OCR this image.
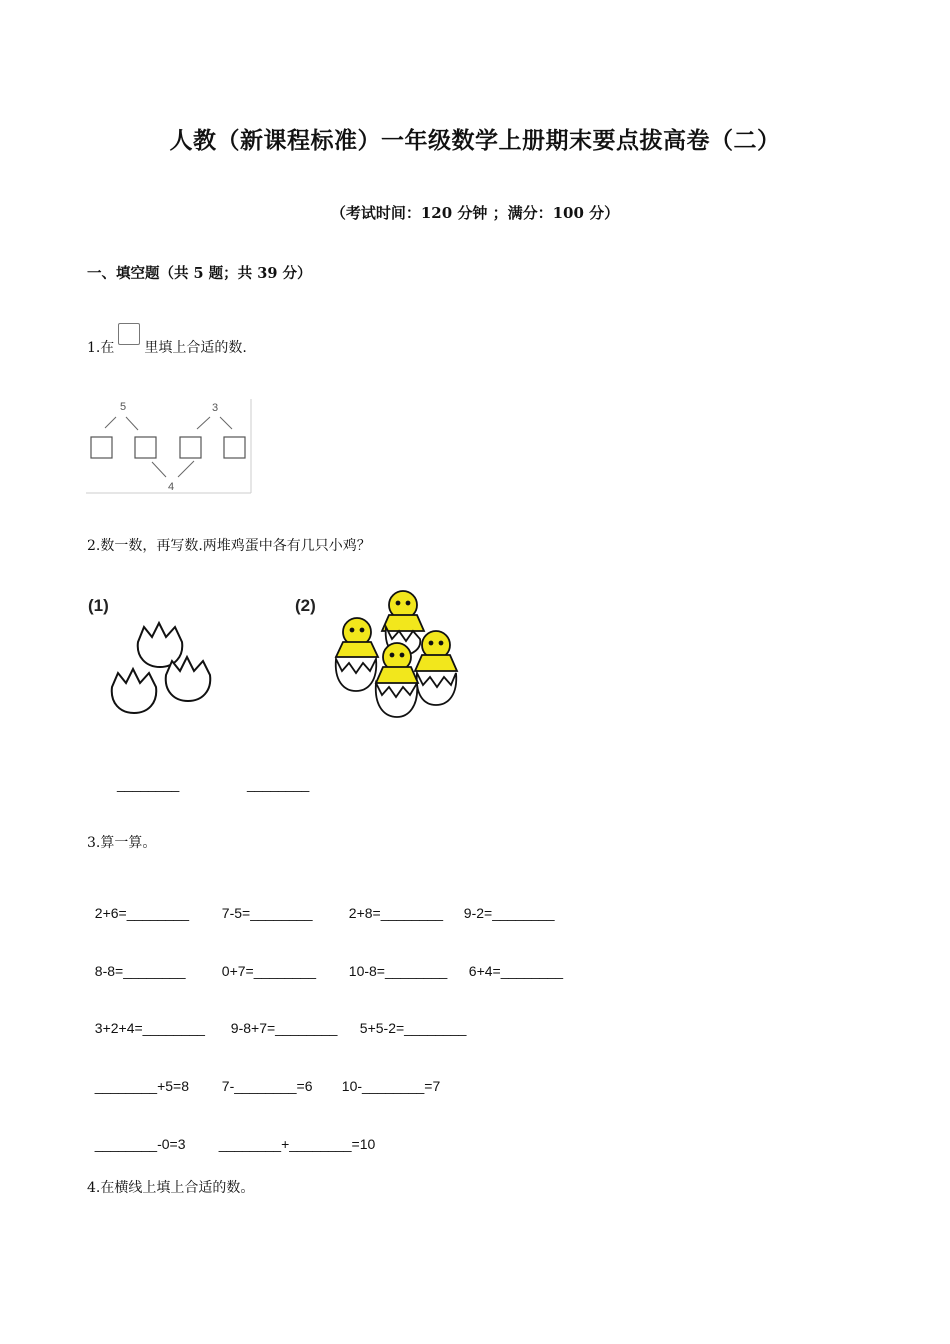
人教（新课程标准）一年级数学上册期末要点拔高卷（二）
（考试时间：120 分钟 ；满分：100 分）
一、填空题（共 5 题；共 39 分）
1.在 里填上合适的数.
5	3
4
2.数一数，再写数.两堆鸡蛋中各有几只小鸡？
(1)	(2)
________	________
3.算一算。

2+6=________ 7-5=________	2+8=________ 9-2=________

8-8=________	0+7=________ 10-8=________ 6+4=________

3+2+4=________ 9-8+7=________ 5+5-2=________

________+5=8 7-________=6 10-________=7

________-0=3 ________+________=10

4.在横线上填上合适的数。
